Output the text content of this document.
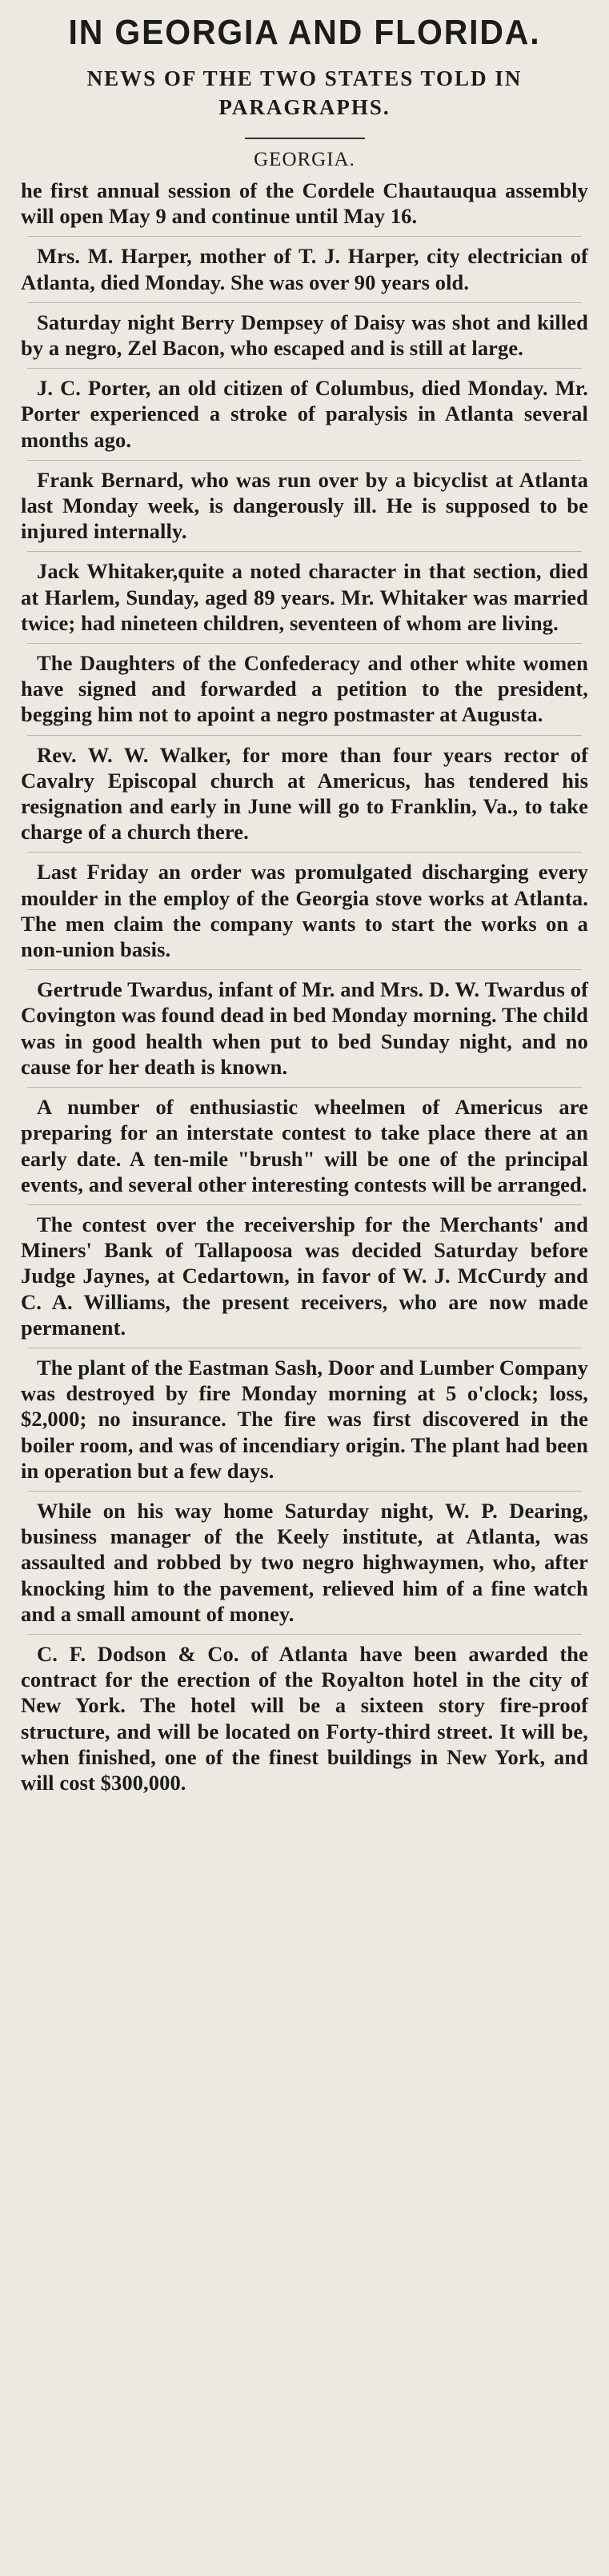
IN GEORGIA AND FLORIDA.
NEWS OF THE TWO STATES TOLD IN PARAGRAPHS.
GEORGIA.

he first annual session of the Cordele Chautauqua assembly will open May 9 and continue until May 16.

Mrs. M. Harper, mother of T. J. Harper, city electrician of Atlanta, died Monday. She was over 90 years old.

Saturday night Berry Dempsey of Daisy was shot and killed by a negro, Zel Bacon, who escaped and is still at large.

J. C. Porter, an old citizen of Columbus, died Monday. Mr. Porter experienced a stroke of paralysis in Atlanta several months ago.

Frank Bernard, who was run over by a bicyclist at Atlanta last Monday week, is dangerously ill. He is supposed to be injured internally.

Jack Whitaker,quite a noted character in that section, died at Harlem, Sunday, aged 89 years. Mr. Whitaker was married twice; had nineteen children, seventeen of whom are living.

The Daughters of the Confederacy and other white women have signed and forwarded a petition to the president, begging him not to apoint a negro postmaster at Augusta.

Rev. W. W. Walker, for more than four years rector of Cavalry Episcopal church at Americus, has tendered his resignation and early in June will go to Franklin, Va., to take charge of a church there.

Last Friday an order was promulgated discharging every moulder in the employ of the Georgia stove works at Atlanta. The men claim the company wants to start the works on a non-union basis.

Gertrude Twardus, infant of Mr. and Mrs. D. W. Twardus of Covington was found dead in bed Monday morning. The child was in good health when put to bed Sunday night, and no cause for her death is known.

A number of enthusiastic wheelmen of Americus are preparing for an interstate contest to take place there at an early date. A ten-mile "brush" will be one of the principal events, and several other interesting contests will be arranged.

The contest over the receivership for the Merchants' and Miners' Bank of Tallapoosa was decided Saturday before Judge Jaynes, at Cedartown, in favor of W. J. McCurdy and C. A. Williams, the present receivers, who are now made permanent.

The plant of the Eastman Sash, Door and Lumber Company was destroyed by fire Monday morning at 5 o'clock; loss, $2,000; no insurance. The fire was first discovered in the boiler room, and was of incendiary origin. The plant had been in operation but a few days.

While on his way home Saturday night, W. P. Dearing, business manager of the Keely institute, at Atlanta, was assaulted and robbed by two negro highwaymen, who, after knocking him to the pavement, relieved him of a fine watch and a small amount of money.

C. F. Dodson & Co. of Atlanta have been awarded the contract for the erection of the Royalton hotel in the city of New York. The hotel will be a sixteen story fire-proof structure, and will be located on Forty-third street. It will be, when finished, one of the finest buildings in New York, and will cost $300,000.
